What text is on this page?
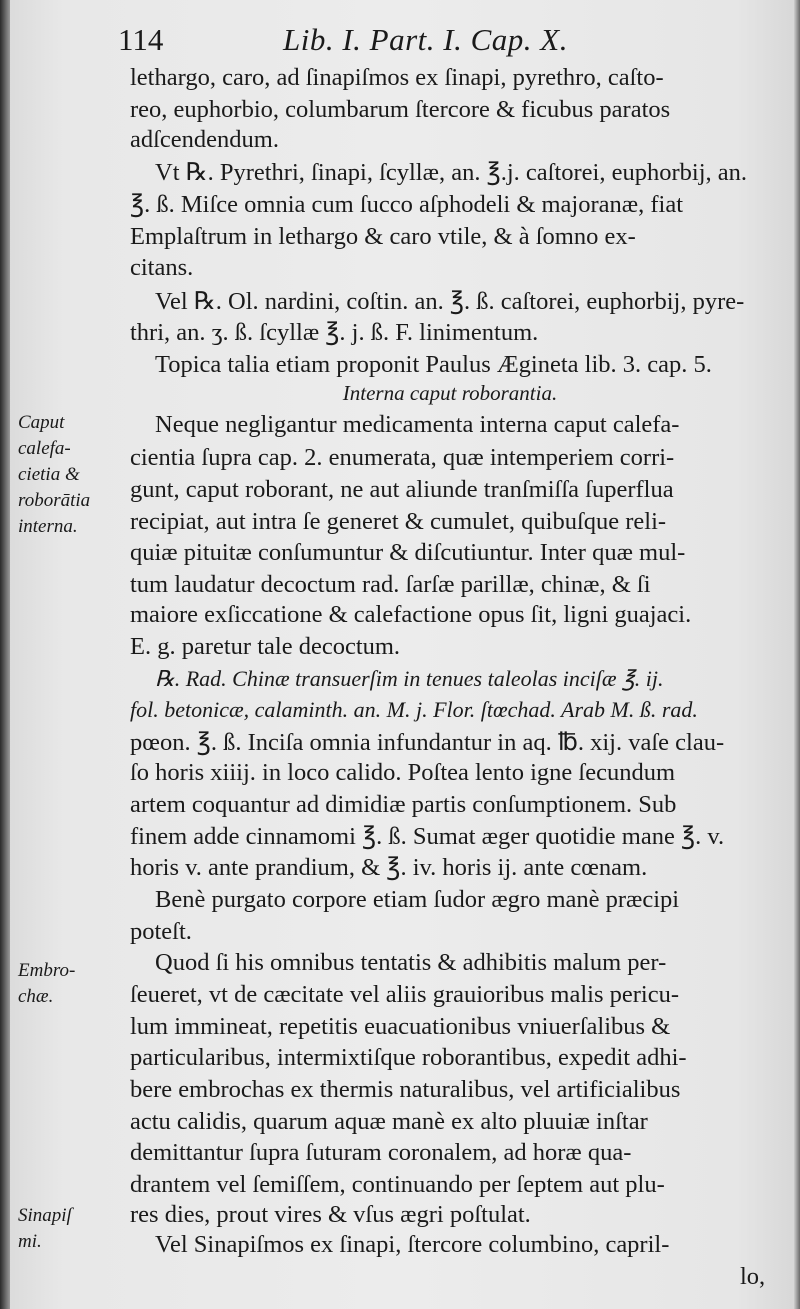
114	Lib. I. Part. I. Cap. X.
lethargo, caro, ad ſinapiſmos ex ſinapi, pyrethro, caſto-
reo, euphorbio, columbarum ſtercore & ficubus paratos
adſcendendum.
Vt ℞. Pyrethri, ſinapi, ſcyllæ, an. ℥.j. caſtorei, euphorbij, an.
℥. ß. Miſce omnia cum ſucco aſphodeli & majoranæ, fiat
Emplaſtrum in lethargo & caro vtile, & à ſomno ex-
citans.
Vel ℞. Ol. nardini, coſtin. an. ℥. ß. caſtorei, euphorbij, pyre-
thri, an. ʒ. ß. ſcyllæ ℥. j. ß. F. linimentum.
Topica talia etiam proponit Paulus Ægineta lib. 3. cap. 5.
Interna caput roborantia.
Neque negligantur medicamenta interna caput calefa-
cientia ſupra cap. 2. enumerata, quæ intemperiem corri-
gunt, caput roborant, ne aut aliunde tranſmiſſa ſuperflua
recipiat, aut intra ſe generet & cumulet, quibuſque reli-
quiæ pituitæ conſumuntur & diſcutiuntur. Inter quæ mul-
tum laudatur decoctum rad. ſarſæ parillæ, chinæ, & ſi
maiore exſiccatione & calefactione opus ſit, ligni guajaci.
E. g. paretur tale decoctum.
℞. Rad. Chinæ transuerſim in tenues taleolas inciſæ ℥. ij.
fol. betonicæ, calaminth. an. M. j. Flor. ſtœchad. Arab M. ß. rad.
pœon. ℥. ß. Inciſa omnia infundantur in aq. ℔. xij. vaſe clau-
ſo horis xiiij. in loco calido. Poſtea lento igne ſecundum
artem coquantur ad dimidiæ partis conſumptionem. Sub
finem adde cinnamomi ℥. ß. Sumat æger quotidie mane ℥. v.
horis v. ante prandium, & ℥. iv. horis ij. ante cœnam.
Benè purgato corpore etiam ſudor ægro manè præcipi
poteſt.
Quod ſi his omnibus tentatis & adhibitis malum per-
ſeueret, vt de cæcitate vel aliis grauioribus malis pericu-
lum immineat, repetitis euacuationibus vniuerſalibus &
particularibus, intermixtiſque roborantibus, expedit adhi-
bere embrochas ex thermis naturalibus, vel artificialibus
actu calidis, quarum aquæ manè ex alto pluuiæ inſtar
demittantur ſupra ſuturam coronalem, ad horæ qua-
drantem vel ſemiſſem, continuando per ſeptem aut plu-
res dies, prout vires & vſus ægri poſtulat.
Vel Sinapiſmos ex ſinapi, ſtercore columbino, capril-
lo,
Caput
calefa-
cietia &
roborātia
interna.
Embro-
chæ.
Sinapiſ
mi.
